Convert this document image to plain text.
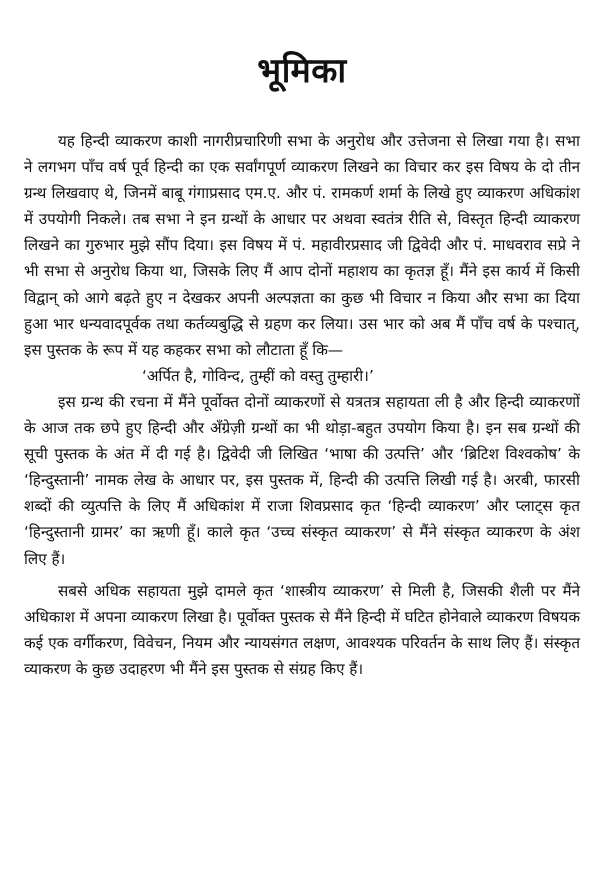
भूमिका

यह हिन्दी व्याकरण काशी नागरीप्रचारिणी सभा के अनुरोध और उत्तेजना से लिखा गया है। सभा ने लगभग पाँच वर्ष पूर्व हिन्दी का एक सर्वांगपूर्ण व्याकरण लिखने का विचार कर इस विषय के दो तीन ग्रन्थ लिखवाए थे, जिनमें बाबू गंगाप्रसाद एम.ए. और पं. रामकर्ण शर्मा के लिखे हुए व्याकरण अधिकांश में उपयोगी निकले। तब सभा ने इन ग्रन्थों के आधार पर अथवा स्वतंत्र रीति से, विस्तृत हिन्दी व्याकरण लिखने का गुरुभार मुझे सौंप दिया। इस विषय में पं. महावीरप्रसाद जी द्विवेदी और पं. माधवराव सप्रे ने भी सभा से अनुरोध किया था, जिसके लिए मैं आप दोनों महाशय का कृतज्ञ हूँ। मैंने इस कार्य में किसी विद्वान् को आगे बढ़ते हुए न देखकर अपनी अल्पज्ञता का कुछ भी विचार न किया और सभा का दिया हुआ भार धन्यवादपूर्वक तथा कर्तव्यबुद्धि से ग्रहण कर लिया। उस भार को अब मैं पाँच वर्ष के पश्चात्, इस पुस्तक के रूप में यह कहकर सभा को लौटाता हूँ कि—

‘अर्पित है, गोविन्द, तुम्हीं को वस्तु तुम्हारी।’

इस ग्रन्थ की रचना में मैंने पूर्वोक्त दोनों व्याकरणों से यत्रतत्र सहायता ली है और हिन्दी व्याकरणों के आज तक छपे हुए हिन्दी और अँग्रेज़ी ग्रन्थों का भी थोड़ा-बहुत उपयोग किया है। इन सब ग्रन्थों की सूची पुस्तक के अंत में दी गई है। द्विवेदी जी लिखित ‘भाषा की उत्पत्ति’ और ‘ब्रिटिश विश्वकोष’ के ‘हिन्दुस्तानी’ नामक लेख के आधार पर, इस पुस्तक में, हिन्दी की उत्पत्ति लिखी गई है। अरबी, फारसी शब्दों की व्युत्पत्ति के लिए मैं अधिकांश में राजा शिवप्रसाद कृत ‘हिन्दी व्याकरण’ और प्लाट्स कृत ‘हिन्दुस्तानी ग्रामर’ का ऋणी हूँ। काले कृत ‘उच्च संस्कृत व्याकरण’ से मैंने संस्कृत व्याकरण के अंश लिए हैं।

सबसे अधिक सहायता मुझे दामले कृत ‘शास्त्रीय व्याकरण’ से मिली है, जिसकी शैली पर मैंने अधिकाश में अपना व्याकरण लिखा है। पूर्वोक्त पुस्तक से मैंने हिन्दी में घटित होनेवाले व्याकरण विषयक कई एक वर्गीकरण, विवेचन, नियम और न्यायसंगत लक्षण, आवश्यक परिवर्तन के साथ लिए हैं। संस्कृत व्याकरण के कुछ उदाहरण भी मैंने इस पुस्तक से संग्रह किए हैं।
